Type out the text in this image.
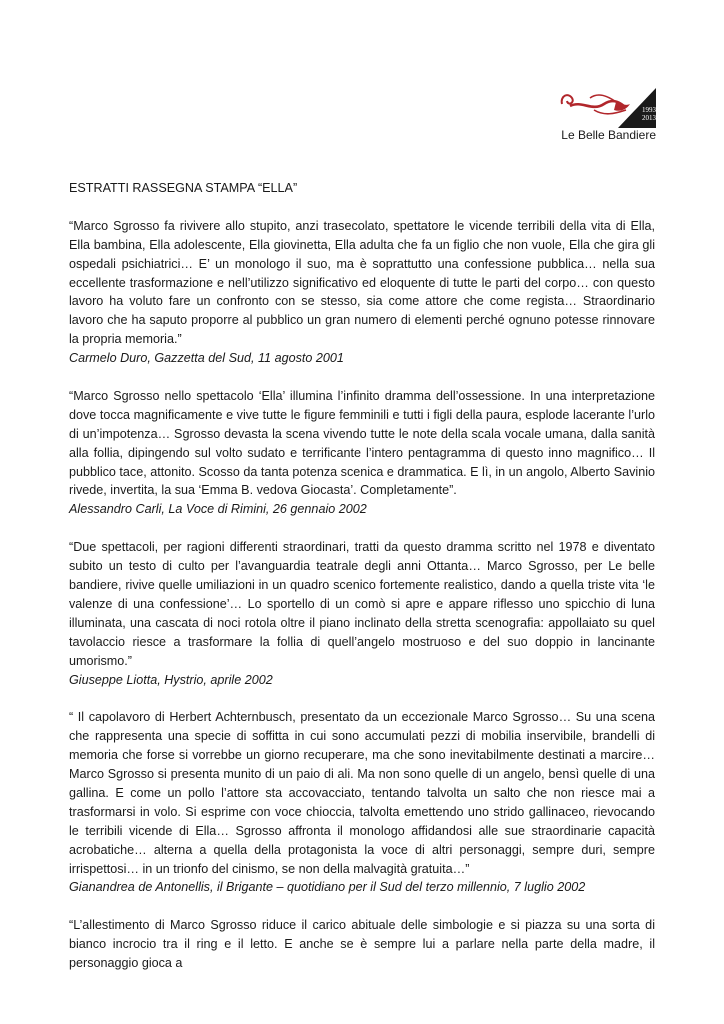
1993
2013
Le Belle Bandiere

ESTRATTI RASSEGNA STAMPA “ELLA”

“Marco Sgrosso fa rivivere allo stupito, anzi trasecolato, spettatore le vicende terribili della vita di Ella, Ella bambina, Ella adolescente, Ella giovinetta, Ella adulta che fa un figlio che non vuole, Ella che gira gli ospedali psichiatrici… E’ un monologo il suo, ma è soprattutto una confessione pubblica… nella sua eccellente trasformazione e nell’utilizzo significativo ed eloquente di tutte le parti del corpo… con questo lavoro ha voluto fare un confronto con se stesso, sia come attore che come regista… Straordinario lavoro che ha saputo proporre al pubblico un gran numero di elementi perché ognuno potesse rinnovare la propria memoria.”

Carmelo Duro, Gazzetta del Sud, 11 agosto 2001

“Marco Sgrosso nello spettacolo ‘Ella’ illumina l’infinito dramma dell’ossessione. In una interpretazione dove tocca magnificamente e vive tutte le figure femminili e tutti i figli della paura, esplode lacerante l’urlo di un’impotenza… Sgrosso devasta la scena vivendo tutte le note della scala vocale umana, dalla sanità alla follia, dipingendo sul volto sudato e terrificante l’intero pentagramma di questo inno magnifico… Il pubblico tace, attonito. Scosso da tanta potenza scenica e drammatica. E lì, in un angolo, Alberto Savinio rivede, invertita, la sua ‘Emma B. vedova Giocasta’. Completamente”.

Alessandro Carli, La Voce di Rimini, 26 gennaio 2002

“Due spettacoli, per ragioni differenti straordinari, tratti da questo dramma scritto nel 1978 e diventato subito un testo di culto per l’avanguardia teatrale degli anni Ottanta… Marco Sgrosso, per Le belle bandiere, rivive quelle umiliazioni in un quadro scenico fortemente realistico, dando a quella triste vita ‘le valenze di una confessione’… Lo sportello di un comò si apre e appare riflesso uno spicchio di luna illuminata, una cascata di noci rotola oltre il piano inclinato della stretta scenografia: appollaiato su quel tavolaccio riesce a trasformare la follia di quell’angelo mostruoso e del suo doppio in lancinante umorismo.”

Giuseppe Liotta, Hystrio, aprile 2002

“ Il capolavoro di Herbert Achternbusch, presentato da un eccezionale Marco Sgrosso… Su una scena che rappresenta una specie di soffitta in cui sono accumulati pezzi di mobilia inservibile, brandelli di memoria che forse si vorrebbe un giorno recuperare, ma che sono inevitabilmente destinati a marcire… Marco Sgrosso si presenta munito di un paio di ali. Ma non sono quelle di un angelo, bensì quelle di una gallina. E come un pollo l’attore sta accovacciato, tentando talvolta un salto che non riesce mai a trasformarsi in volo. Si esprime con voce chioccia, talvolta emettendo uno strido gallinaceo, rievocando le terribili vicende di Ella… Sgrosso affronta il monologo affidandosi alle sue straordinarie capacità acrobatiche… alterna a quella della protagonista la voce di altri personaggi, sempre duri, sempre irrispettosi… in un trionfo del cinismo, se non della malvagità gratuita…”

Gianandrea de Antonellis, il Brigante – quotidiano per il Sud del terzo millennio, 7 luglio 2002

“L’allestimento di Marco Sgrosso riduce il carico abituale delle simbologie e si piazza su una sorta di bianco incrocio tra il ring e il letto. E anche se è sempre lui a parlare nella parte della madre, il personaggio gioca a
